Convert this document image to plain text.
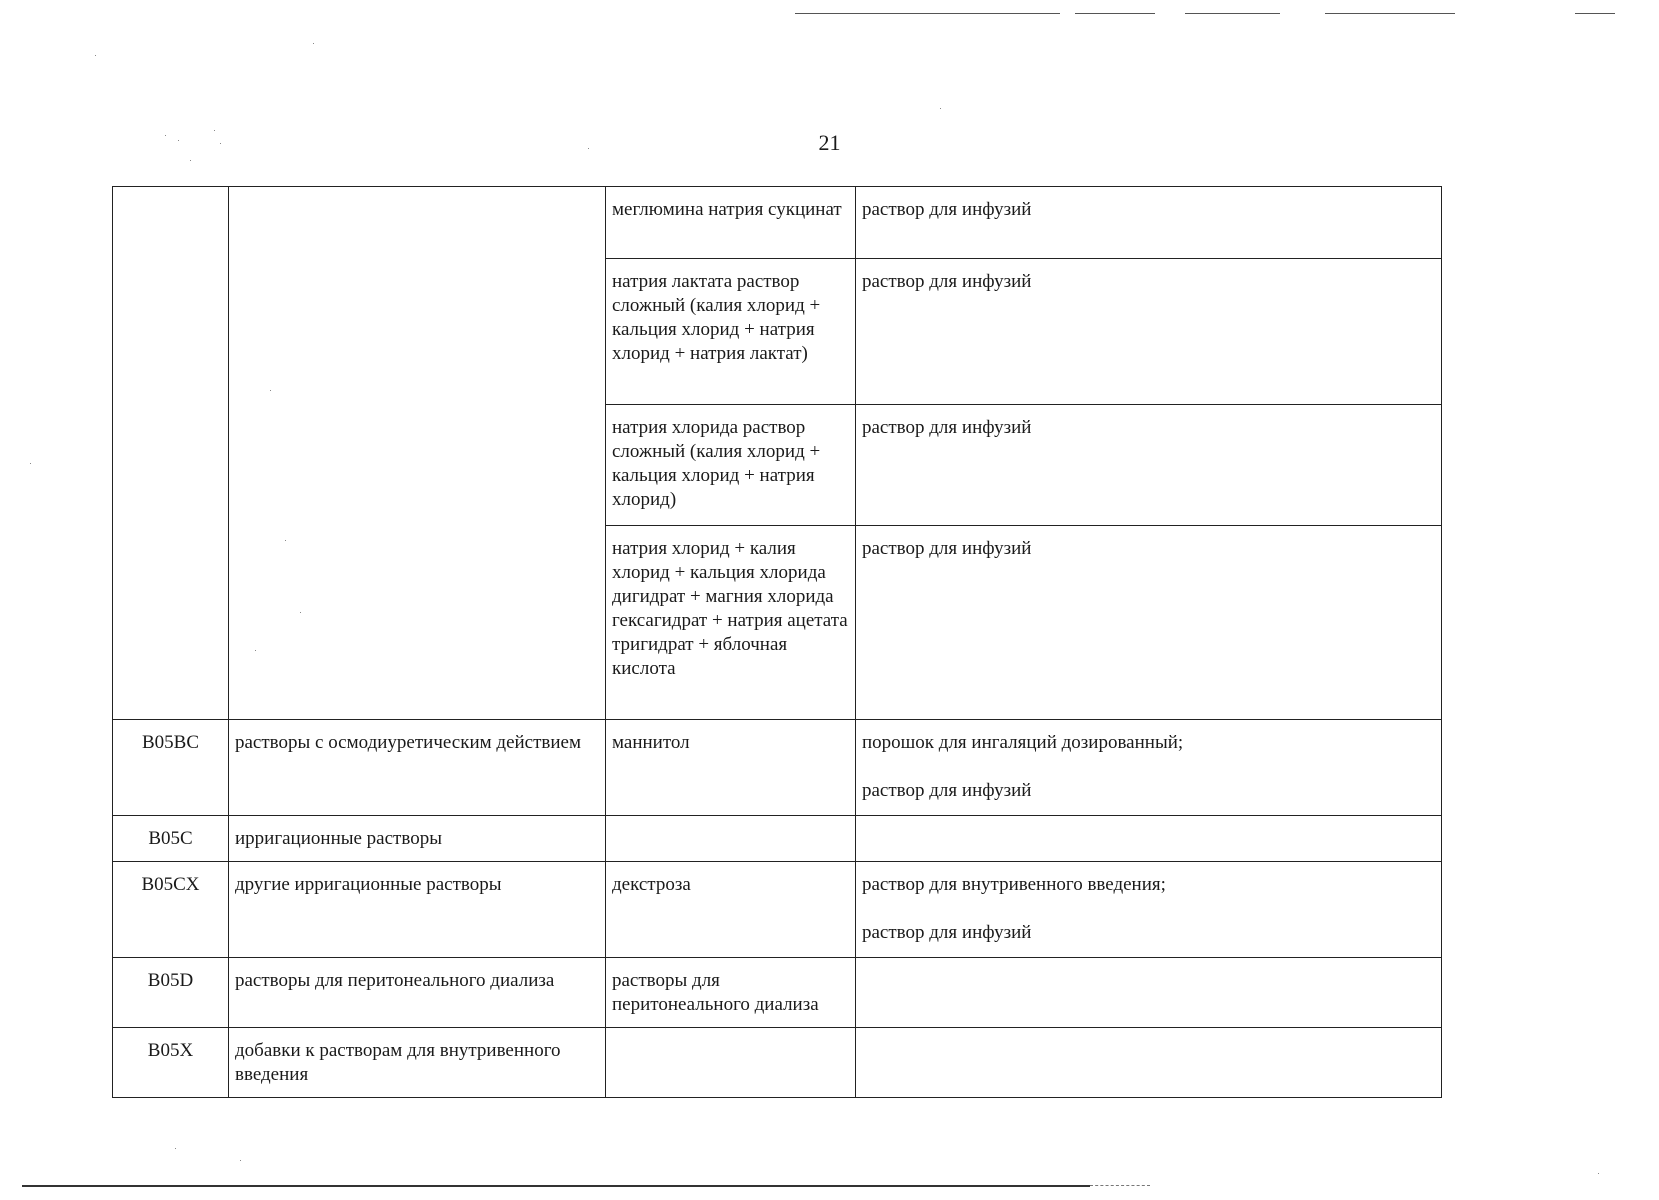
21
		меглюмина натрия сукцинат	раствор для инфузий
		натрия лактата раствор сложный (калия хлорид + кальция хлорид + натрия хлорид + натрия лактат)	раствор для инфузий
		натрия хлорида раствор сложный (калия хлорид + кальция хлорид + натрия хлорид)	раствор для инфузий
		натрия хлорид + калия хлорид + кальция хлорида дигидрат + магния хлорида гексагидрат + натрия ацетата тригидрат + яблочная кислота	раствор для инфузий
B05BC	растворы с осмодиуретическим действием	маннитол	порошок для ингаляций дозированный;
раствор для инфузий
B05C	ирригационные растворы		
B05CX	другие ирригационные растворы	декстроза	раствор для внутривенного введения;
раствор для инфузий
B05D	растворы для перитонеального диализа	растворы для перитонеального диализа	
B05X	добавки к растворам для внутривенного введения		
